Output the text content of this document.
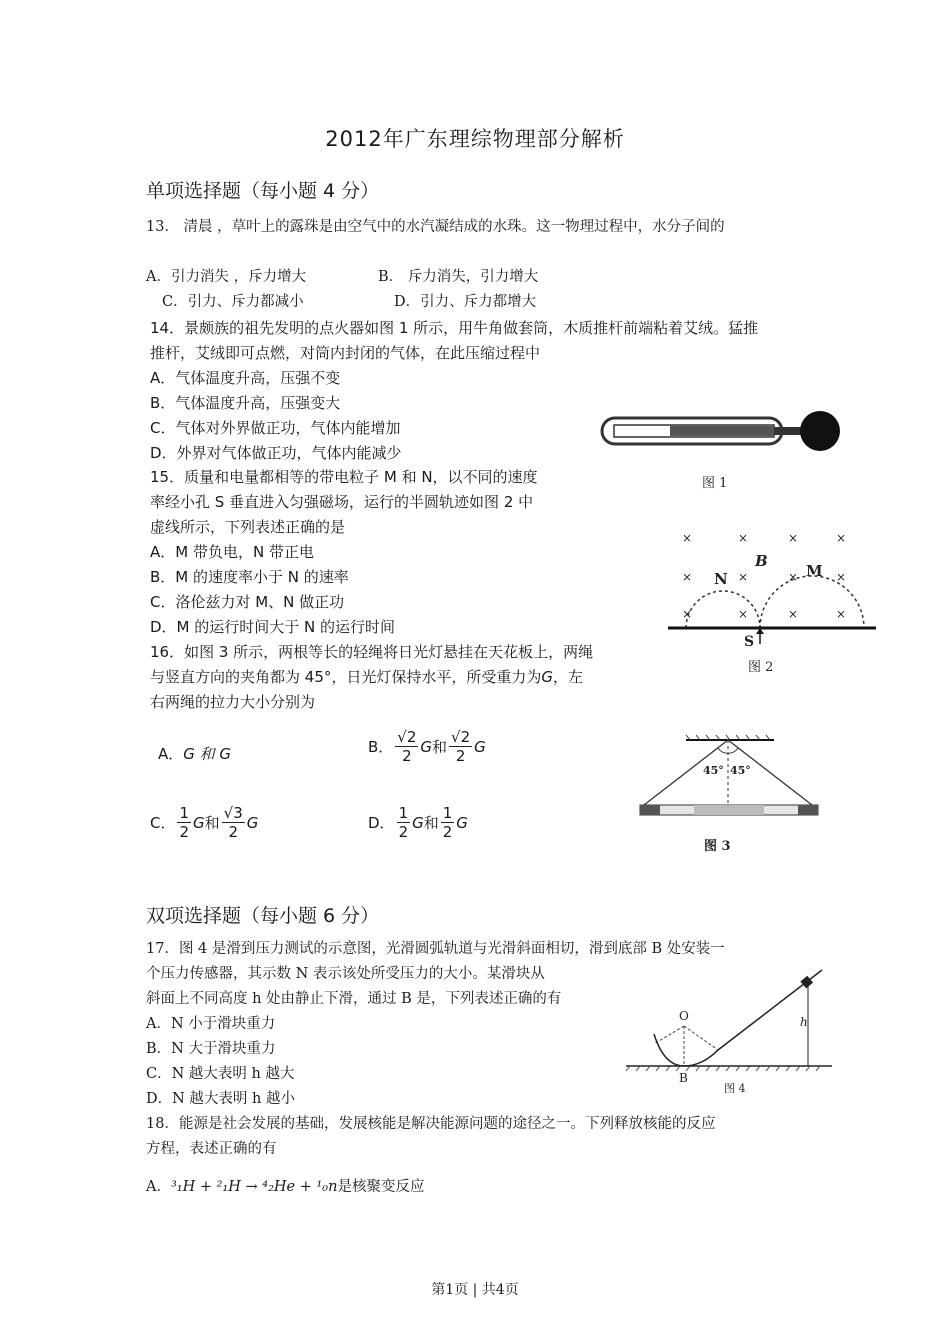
2012年广东理综物理部分解析
单项选择题（每小题 4 分）
13． 清晨 ，草叶上的露珠是由空气中的水汽凝结成的水珠。这一物理过程中，水分子间的
A．引力消失 ，斥力增大	B． 斥力消失，引力增大
C．引力、斥力都减小	D．引力、斥力都增大
14．景颇族的祖先发明的点火器如图 1 所示，用牛角做套筒，木质推杆前端粘着艾绒。猛推
推杆，艾绒即可点燃，对筒内封闭的气体，在此压缩过程中
A．气体温度升高，压强不变
B．气体温度升高，压强变大
C．气体对外界做正功，气体内能增加
D．外界对气体做正功，气体内能减少
图 1
15．质量和电量都相等的带电粒子 M 和 N，以不同的速度
率经小孔 S 垂直进入匀强磁场，运行的半圆轨迹如图 2 中
虚线所示，下列表述正确的是
A．M 带负电，N 带正电
B．M 的速度率小于 N 的速率
C．洛伦兹力对 M、N 做正功
D．M 的运行时间大于 N 的运行时间
×	×	×	×
×	×	×	×
×	×	×	×
B
N	M
S
图 2
16．如图 3 所示，两根等长的轻绳将日光灯悬挂在天花板上，两绳
与竖直方向的夹角都为 45°，日光灯保持水平，所受重力为G，左
右两绳的拉力大小分别为
A．G 和 G	B． $\frac{√2}{2}$ G 和 $\frac{√2}{2}$ G
C． $\frac{1}{2}$ G 和 $\frac{√3}{2}$ G	D． $\frac{1}{2}$ G 和 $\frac{1}{2}$ G
45° 45°
图 3
双项选择题（每小题 6 分）
17．图 4 是滑到压力测试的示意图，光滑圆弧轨道与光滑斜面相切，滑到底部 B 处安装一
个压力传感器，其示数 N 表示该处所受压力的大小。某滑块从
斜面上不同高度 h 处由静止下滑，通过 B 是，下列表述正确的有
A．N 小于滑块重力
B．N 大于滑块重力
C．N 越大表明 h 越大
D．N 越大表明 h 越小
O
B
h
图 4
18．能源是社会发展的基础，发展核能是解决能源问题的途径之一。下列释放核能的反应
方程，表述正确的有
A．³₁H + ²₁H → ⁴₂He + ¹₀n是核聚变反应
第1页 | 共4页
